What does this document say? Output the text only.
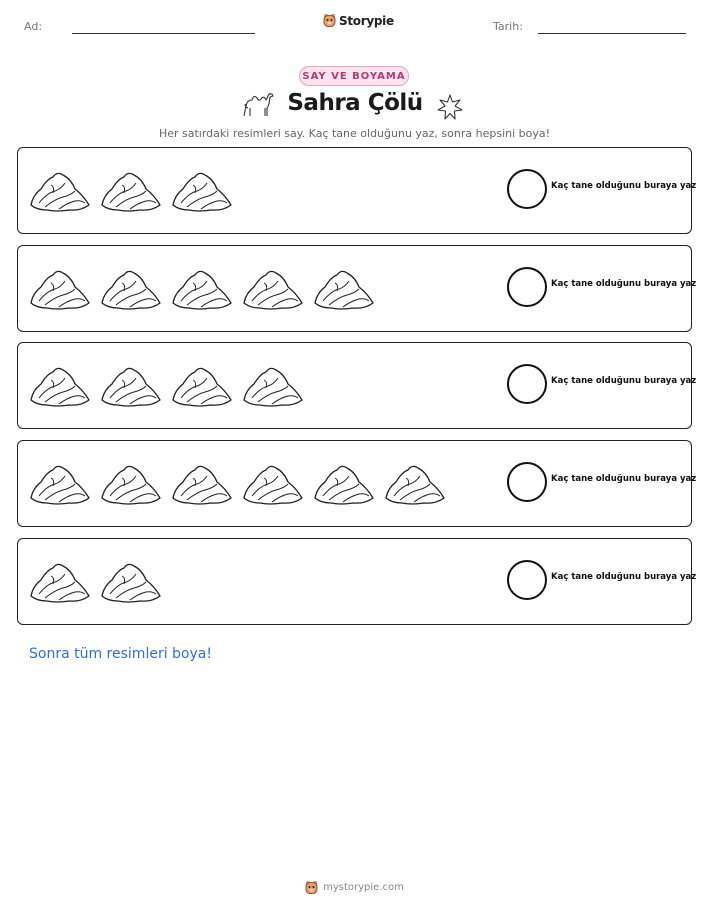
Ad:	Storypie	Tarih:
SAY VE BOYAMA
Sahra Çölü
Her satırdaki resimleri say. Kaç tane olduğunu yaz, sonra hepsini boya!
Kaç tane olduğunu buraya yaz
Kaç tane olduğunu buraya yaz
Kaç tane olduğunu buraya yaz
Kaç tane olduğunu buraya yaz
Kaç tane olduğunu buraya yaz
Sonra tüm resimleri boya!
mystorypie.com
